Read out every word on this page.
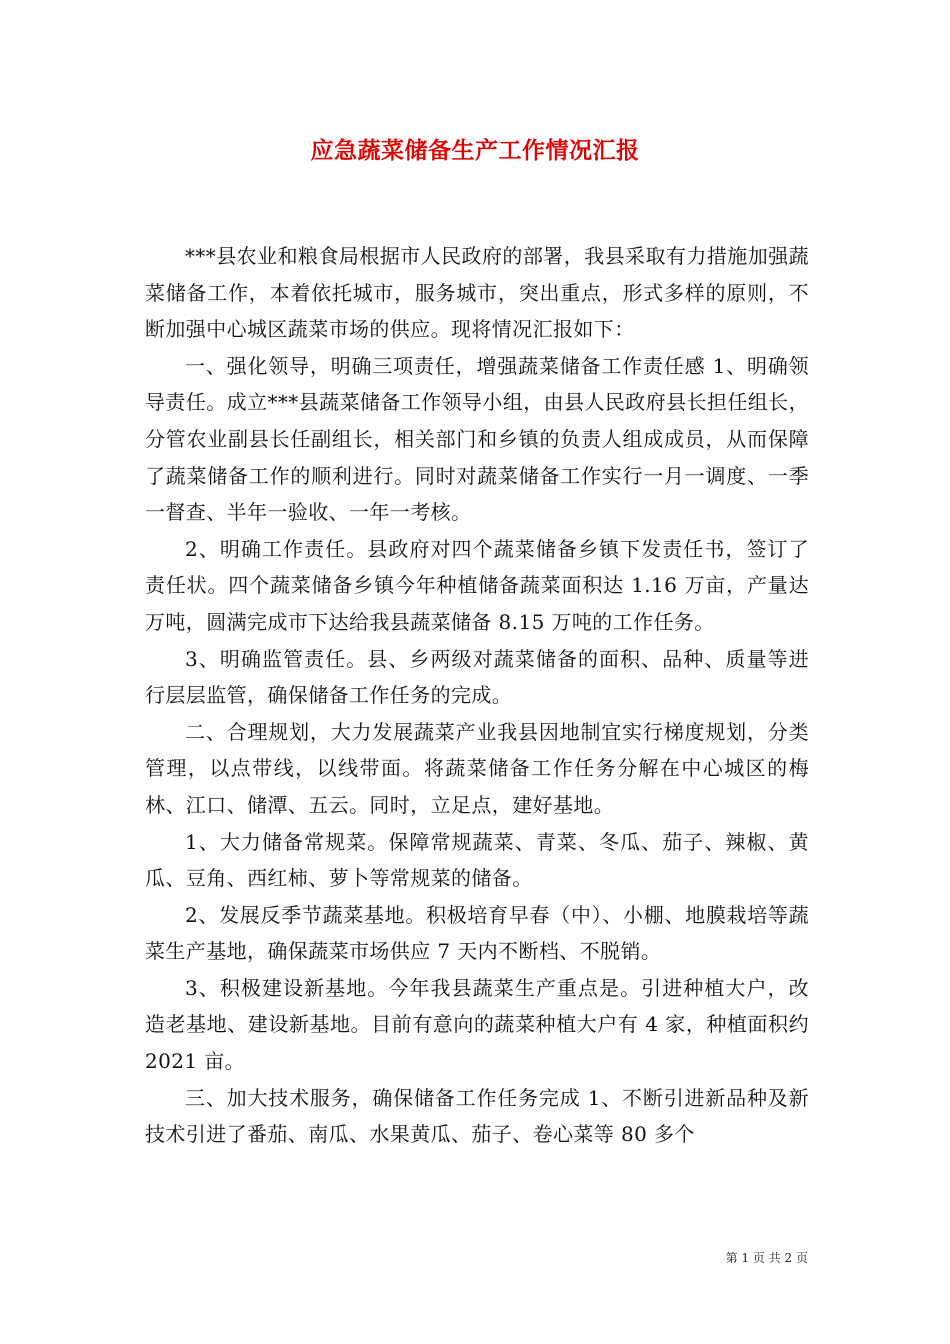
应急蔬菜储备生产工作情况汇报

***县农业和粮食局根据市人民政府的部署，我县采取有力措施加强蔬菜储备工作，本着依托城市，服务城市，突出重点，形式多样的原则，不断加强中心城区蔬菜市场的供应。现将情况汇报如下：

一、强化领导，明确三项责任，增强蔬菜储备工作责任感 1、明确领导责任。成立***县蔬菜储备工作领导小组，由县人民政府县长担任组长，分管农业副县长任副组长，相关部门和乡镇的负责人组成成员，从而保障了蔬菜储备工作的顺利进行。同时对蔬菜储备工作实行一月一调度、一季一督查、半年一验收、一年一考核。

2、明确工作责任。县政府对四个蔬菜储备乡镇下发责任书，签订了责任状。四个蔬菜储备乡镇今年种植储备蔬菜面积达 1.16 万亩，产量达万吨，圆满完成市下达给我县蔬菜储备 8.15 万吨的工作任务。

3、明确监管责任。县、乡两级对蔬菜储备的面积、品种、质量等进行层层监管，确保储备工作任务的完成。

二、合理规划，大力发展蔬菜产业我县因地制宜实行梯度规划，分类管理，以点带线，以线带面。将蔬菜储备工作任务分解在中心城区的梅林、江口、储潭、五云。同时，立足点，建好基地。

1、大力储备常规菜。保障常规蔬菜、青菜、冬瓜、茄子、辣椒、黄瓜、豆角、西红柿、萝卜等常规菜的储备。

2、发展反季节蔬菜基地。积极培育早春（中）、小棚、地膜栽培等蔬菜生产基地，确保蔬菜市场供应 7 天内不断档、不脱销。

3、积极建设新基地。今年我县蔬菜生产重点是。引进种植大户，改造老基地、建设新基地。目前有意向的蔬菜种植大户有 4 家，种植面积约 2021 亩。

三、加大技术服务，确保储备工作任务完成 1、不断引进新品种及新技术引进了番茄、南瓜、水果黄瓜、茄子、卷心菜等 80 多个

第 1 页 共 2 页
